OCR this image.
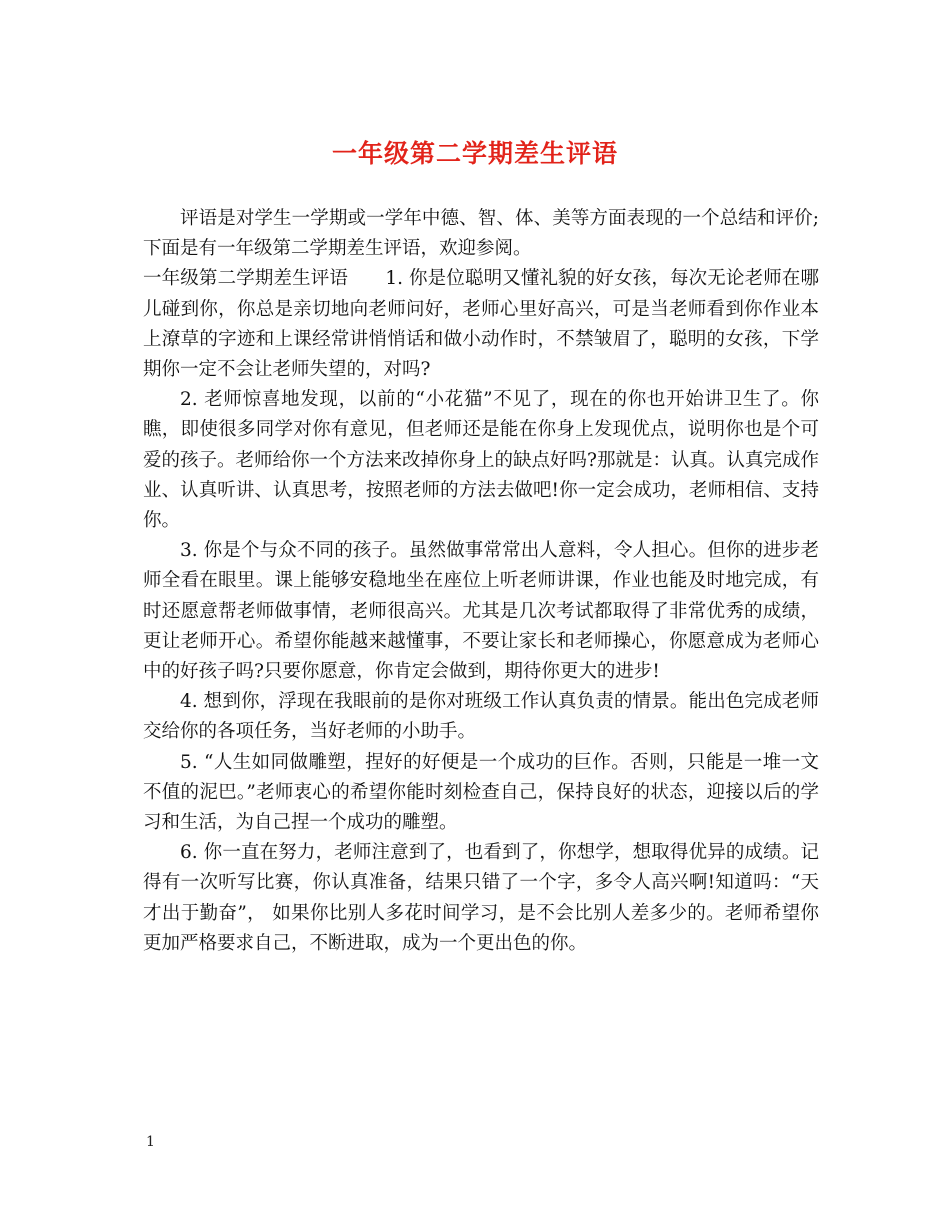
一年级第二学期差生评语

评语是对学生一学期或一学年中德、智、体、美等方面表现的一个总结和评价;下面是有一年级第二学期差生评语，欢迎参阅。

一年级第二学期差生评语　　1. 你是位聪明又懂礼貌的好女孩，每次无论老师在哪儿碰到你，你总是亲切地向老师问好，老师心里好高兴，可是当老师看到你作业本上潦草的字迹和上课经常讲悄悄话和做小动作时，不禁皱眉了，聪明的女孩，下学期你一定不会让老师失望的，对吗?

2. 老师惊喜地发现，以前的“小花猫”不见了，现在的你也开始讲卫生了。你瞧，即使很多同学对你有意见，但老师还是能在你身上发现优点，说明你也是个可爱的孩子。老师给你一个方法来改掉你身上的缺点好吗?那就是：认真。认真完成作业、认真听讲、认真思考，按照老师的方法去做吧!你一定会成功，老师相信、支持你。

3. 你是个与众不同的孩子。虽然做事常常出人意料，令人担心。但你的进步老师全看在眼里。课上能够安稳地坐在座位上听老师讲课，作业也能及时地完成，有时还愿意帮老师做事情，老师很高兴。尤其是几次考试都取得了非常优秀的成绩，更让老师开心。希望你能越来越懂事，不要让家长和老师操心，你愿意成为老师心中的好孩子吗?只要你愿意，你肯定会做到，期待你更大的进步!

4. 想到你，浮现在我眼前的是你对班级工作认真负责的情景。能出色完成老师交给你的各项任务，当好老师的小助手。

5. “人生如同做雕塑，捏好的好便是一个成功的巨作。否则，只能是一堆一文不值的泥巴。”老师衷心的希望你能时刻检查自己，保持良好的状态，迎接以后的学习和生活，为自己捏一个成功的雕塑。

6. 你一直在努力，老师注意到了，也看到了，你想学，想取得优异的成绩。记得有一次听写比赛，你认真准备，结果只错了一个字，多令人高兴啊!知道吗：“天才出于勤奋”， 如果你比别人多花时间学习，是不会比别人差多少的。老师希望你更加严格要求自己，不断进取，成为一个更出色的你。

1
